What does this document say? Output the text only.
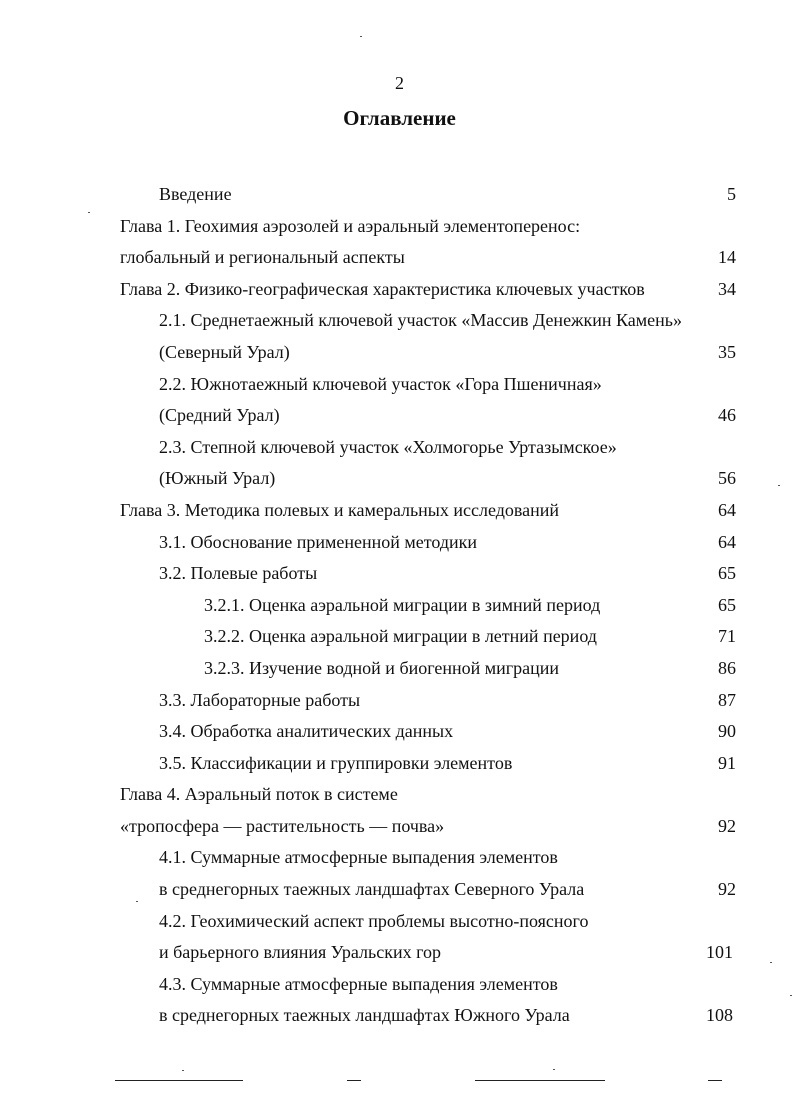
2
Оглавление
Введение	5
Глава 1. Геохимия аэрозолей и аэральный элементоперенос:
глобальный и региональный аспекты	14
Глава 2. Физико-географическая характеристика ключевых участков	34
2.1. Среднетаежный ключевой участок «Массив Денежкин Камень»
(Северный Урал)	35
2.2. Южнотаежный ключевой участок «Гора Пшеничная»
(Средний Урал)	46
2.3. Степной ключевой участок «Холмогорье Уртазымское»
(Южный Урал)	56
Глава 3. Методика полевых и камеральных исследований	64
3.1. Обоснование примененной методики	64
3.2. Полевые работы	65
3.2.1. Оценка аэральной миграции в зимний период	65
3.2.2. Оценка аэральной миграции в летний период	71
3.2.3. Изучение водной и биогенной миграции	86
3.3. Лабораторные работы	87
3.4. Обработка аналитических данных	90
3.5. Классификации и группировки элементов	91
Глава 4. Аэральный поток в системе
«тропосфера — растительность — почва»	92
4.1. Суммарные атмосферные выпадения элементов
в среднегорных таежных ландшафтах Северного Урала	92
4.2. Геохимический аспект проблемы высотно-поясного
и барьерного влияния Уральских гор	101
4.3. Суммарные атмосферные выпадения элементов
в среднегорных таежных ландшафтах Южного Урала	108
